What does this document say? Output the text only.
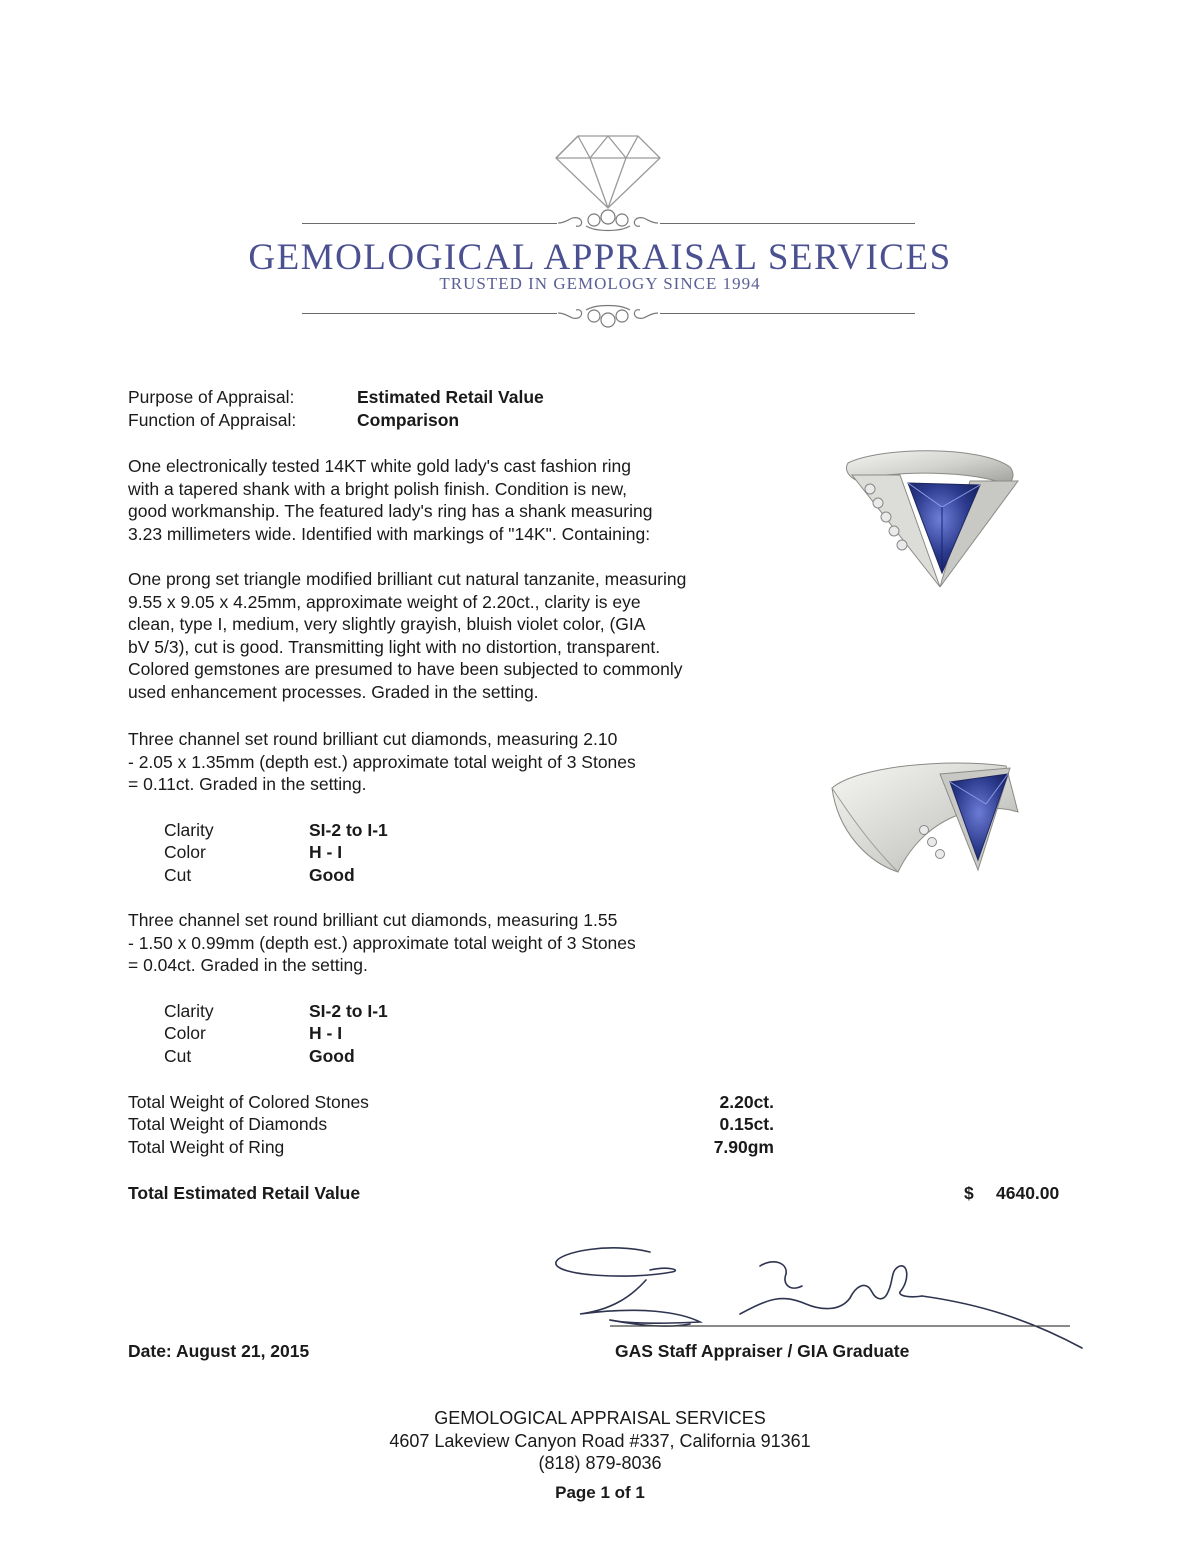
GEMOLOGICAL APPRAISAL SERVICES
TRUSTED IN GEMOLOGY SINCE 1994
Purpose of Appraisal:	Estimated Retail Value
Function of Appraisal:	Comparison
One electronically tested 14KT white gold lady's cast fashion ring
with a tapered shank with a bright polish finish. Condition is new,
good workmanship. The featured lady's ring has a shank measuring
3.23 millimeters wide. Identified with markings of "14K". Containing:
One prong set triangle modified brilliant cut natural tanzanite, measuring
9.55 x 9.05 x 4.25mm, approximate weight of 2.20ct., clarity is eye
clean, type I, medium, very slightly grayish, bluish violet color, (GIA
bV 5/3), cut is good. Transmitting light with no distortion, transparent.
Colored gemstones are presumed to have been subjected to commonly
used enhancement processes. Graded in the setting.
Three channel set round brilliant cut diamonds, measuring 2.10
- 2.05 x 1.35mm (depth est.) approximate total weight of 3 Stones
= 0.11ct. Graded in the setting.
Clarity	SI-2 to I-1
Color	H - I
Cut	Good
Three channel set round brilliant cut diamonds, measuring 1.55
- 1.50 x 0.99mm (depth est.) approximate total weight of 3 Stones
= 0.04ct. Graded in the setting.
Clarity	SI-2 to I-1
Color	H - I
Cut	Good
Total Weight of Colored Stones	2.20ct.
Total Weight of Diamonds	0.15ct.
Total Weight of Ring	7.90gm
Total Estimated Retail Value	$ 4640.00
Date: August 21, 2015	GAS Staff Appraiser / GIA Graduate
GEMOLOGICAL APPRAISAL SERVICES
4607 Lakeview Canyon Road #337, California 91361
(818) 879-8036
Page 1 of 1
